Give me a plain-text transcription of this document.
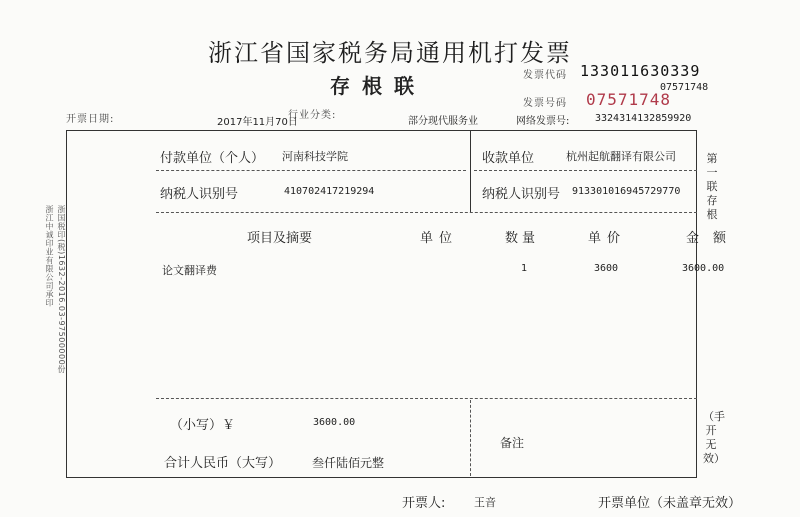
浙江省国家税务局通用机打发票
存根联	发票代码 133011630339
07571748
发票号码 07571748
开票日期:	2017年11月70日
行业分类:
部分现代服务业	网络发票号:	3324314132859920
浙国税印(税)1632-2016.03-97500000份
浙江中诚印业有限公司承印
付款单位（个人） 河南科技学院
纳税人识别号	410702417219294
收款单位	杭州起航翻译有限公司
纳税人识别号 913301016945729770
项目及摘要	单位	数量	单价	金额
论文翻译费	1	3600	3600.00
（小写）￥	3600.00
备注
合计人民币（大写）	叁仟陆佰元整
第一联 存根
（手开无效）
开票人:	王音	开票单位（未盖章无效）
